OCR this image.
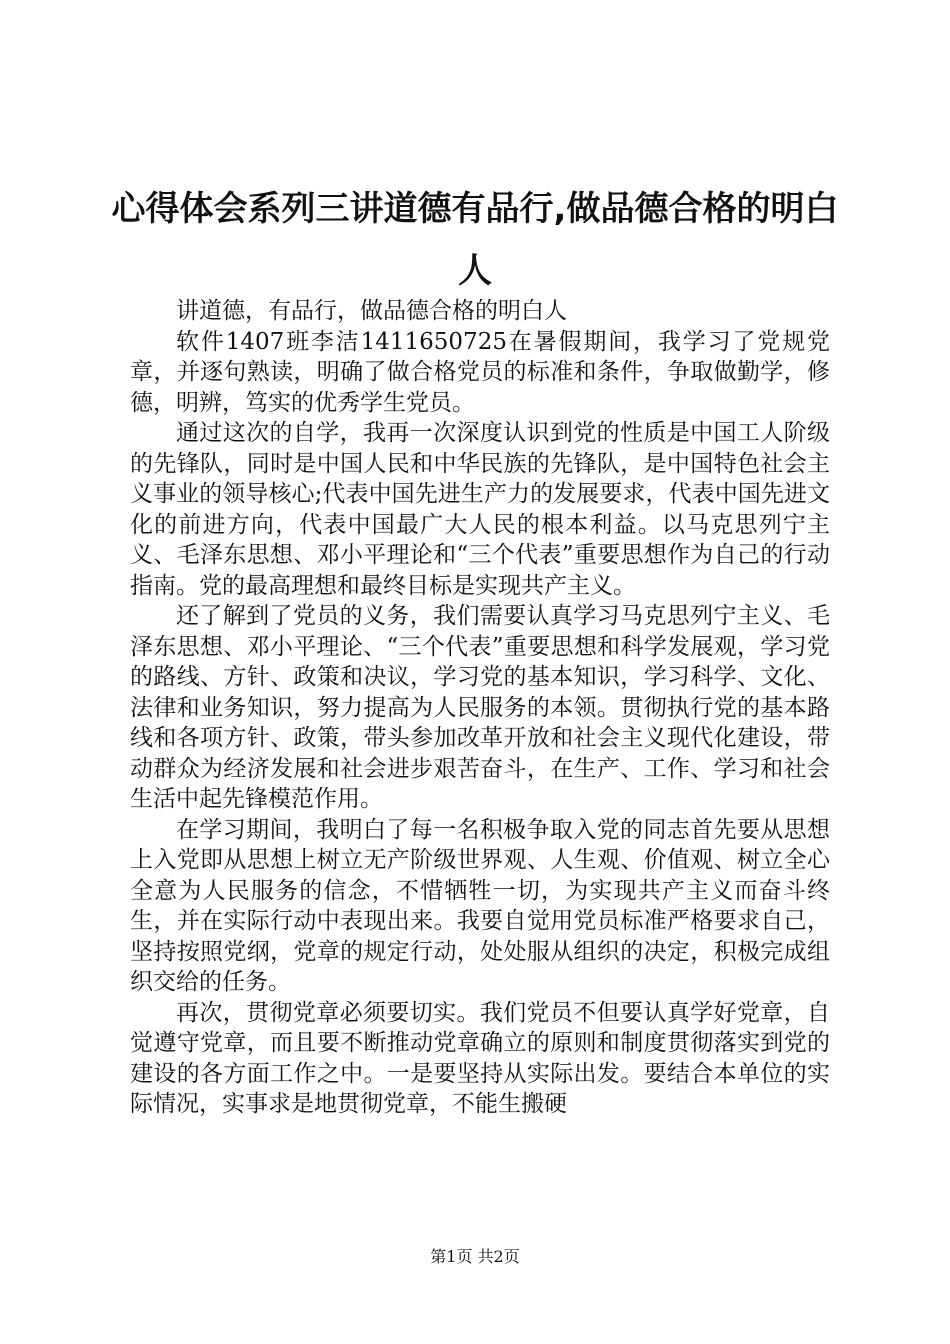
心得体会系列三讲道德有品行,做品德合格的明白人

讲道德，有品行，做品德合格的明白人

软件1407班李洁1411650725在暑假期间，我学习了党规党章，并逐句熟读，明确了做合格党员的标准和条件，争取做勤学，修德，明辨，笃实的优秀学生党员。

通过这次的自学，我再一次深度认识到党的性质是中国工人阶级的先锋队，同时是中国人民和中华民族的先锋队，是中国特色社会主义事业的领导核心;代表中国先进生产力的发展要求，代表中国先进文化的前进方向，代表中国最广大人民的根本利益。以马克思列宁主义、毛泽东思想、邓小平理论和“三个代表”重要思想作为自己的行动指南。党的最高理想和最终目标是实现共产主义。

还了解到了党员的义务，我们需要认真学习马克思列宁主义、毛泽东思想、邓小平理论、“三个代表”重要思想和科学发展观，学习党的路线、方针、政策和决议，学习党的基本知识，学习科学、文化、法律和业务知识，努力提高为人民服务的本领。贯彻执行党的基本路线和各项方针、政策，带头参加改革开放和社会主义现代化建设，带动群众为经济发展和社会进步艰苦奋斗，在生产、工作、学习和社会生活中起先锋模范作用。

在学习期间，我明白了每一名积极争取入党的同志首先要从思想上入党即从思想上树立无产阶级世界观、人生观、价值观、树立全心全意为人民服务的信念，不惜牺牲一切，为实现共产主义而奋斗终生，并在实际行动中表现出来。我要自觉用党员标准严格要求自己，坚持按照党纲，党章的规定行动，处处服从组织的决定，积极完成组织交给的任务。

再次，贯彻党章必须要切实。我们党员不但要认真学好党章，自觉遵守党章，而且要不断推动党章确立的原则和制度贯彻落实到党的建设的各方面工作之中。一是要坚持从实际出发。要结合本单位的实际情况，实事求是地贯彻党章，不能生搬硬

第1页 共2页
